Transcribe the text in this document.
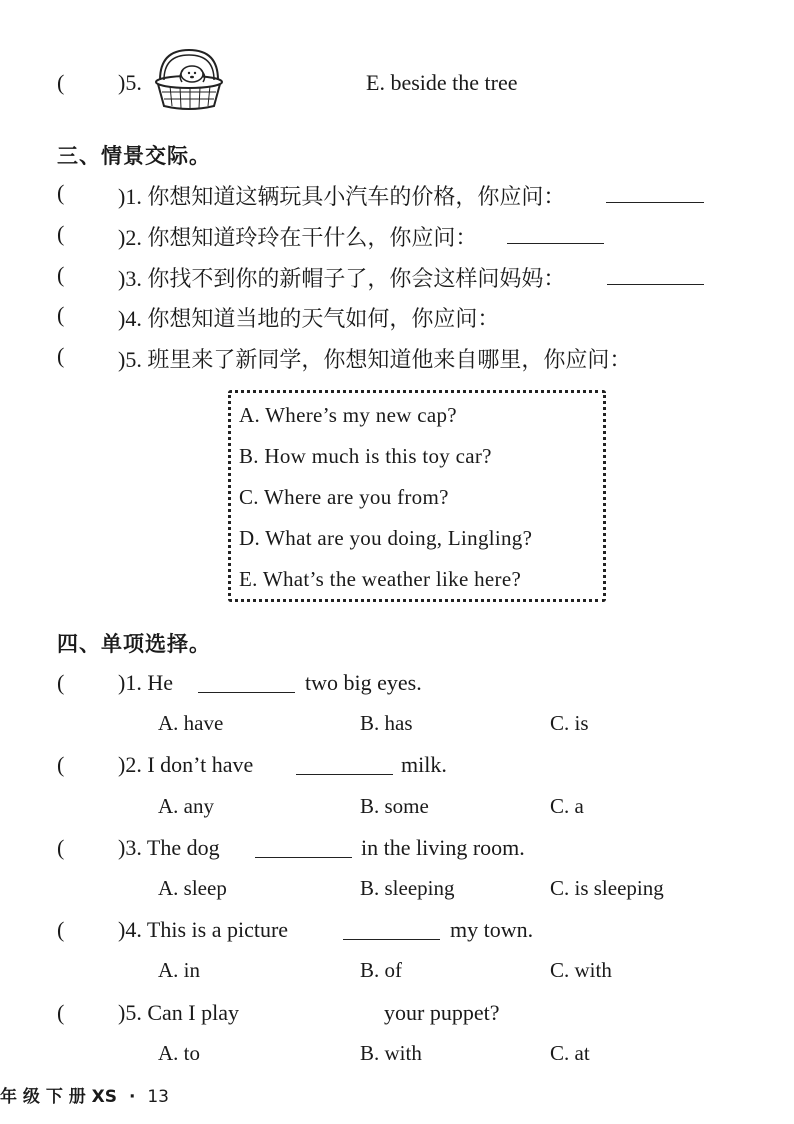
( )5.	E. beside the tree
三、情景交际。
( )1. 你想知道这辆玩具小汽车的价格，你应问：
( )2. 你想知道玲玲在干什么，你应问：
( )3. 你找不到你的新帽子了，你会这样问妈妈：
( )4. 你想知道当地的天气如何，你应问：
( )5. 班里来了新同学，你想知道他来自哪里，你应问：
A. Where’s my new cap?
B. How much is this toy car?
C. Where are you from?
D. What are you doing, Lingling?
E. What’s the weather like here?
四、单项选择。
( )1. He	two big eyes.
A. have	B. has	C. is
( )2. I don’t have	milk.
A. any	B. some	C. a
( )3. The dog	in the living room.
A. sleep	B. sleeping	C. is sleeping
( )4. This is a picture	my town.
A. in	B. of	C. with
( )5. Can I play	your puppet?
A. to	B. with	C. at
年 级 下 册 XS · 13
